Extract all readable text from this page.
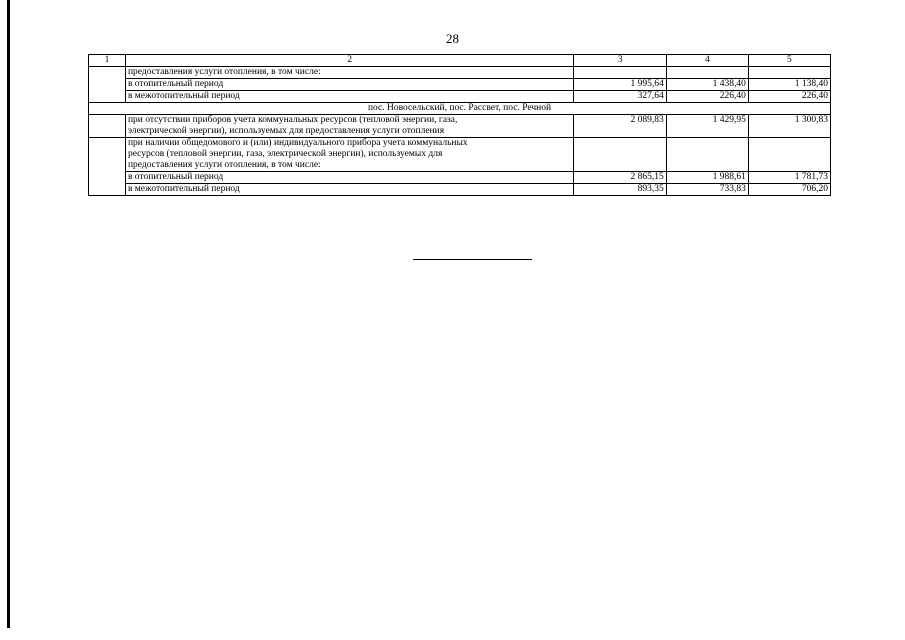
28
1	2	3	4	5
	предоставления услуги отопления, в том числе:			
	в отопительный период	1 995,64	1 438,40	1 138,40
	в межотопительный период	327,64	226,40	226,40
пос. Новосельский, пос. Рассвет, пос. Речной				

	при отсутствии приборов учета коммунальных ресурсов (тепловой энергии, газа,
электрической энергии), используемых для предоставления услуги отопления	2 089,83	1 429,95	1 300,83

	при наличии общедомового и (или) индивидуального прибора учета коммунальных
ресурсов (тепловой энергии, газа, электрической энергии), используемых для
предоставления услуги отопления, в том числе:			

	в отопительный период	2 865,15	1 988,61	1 781,73
	в межотопительный период	893,35	733,83	706,20
